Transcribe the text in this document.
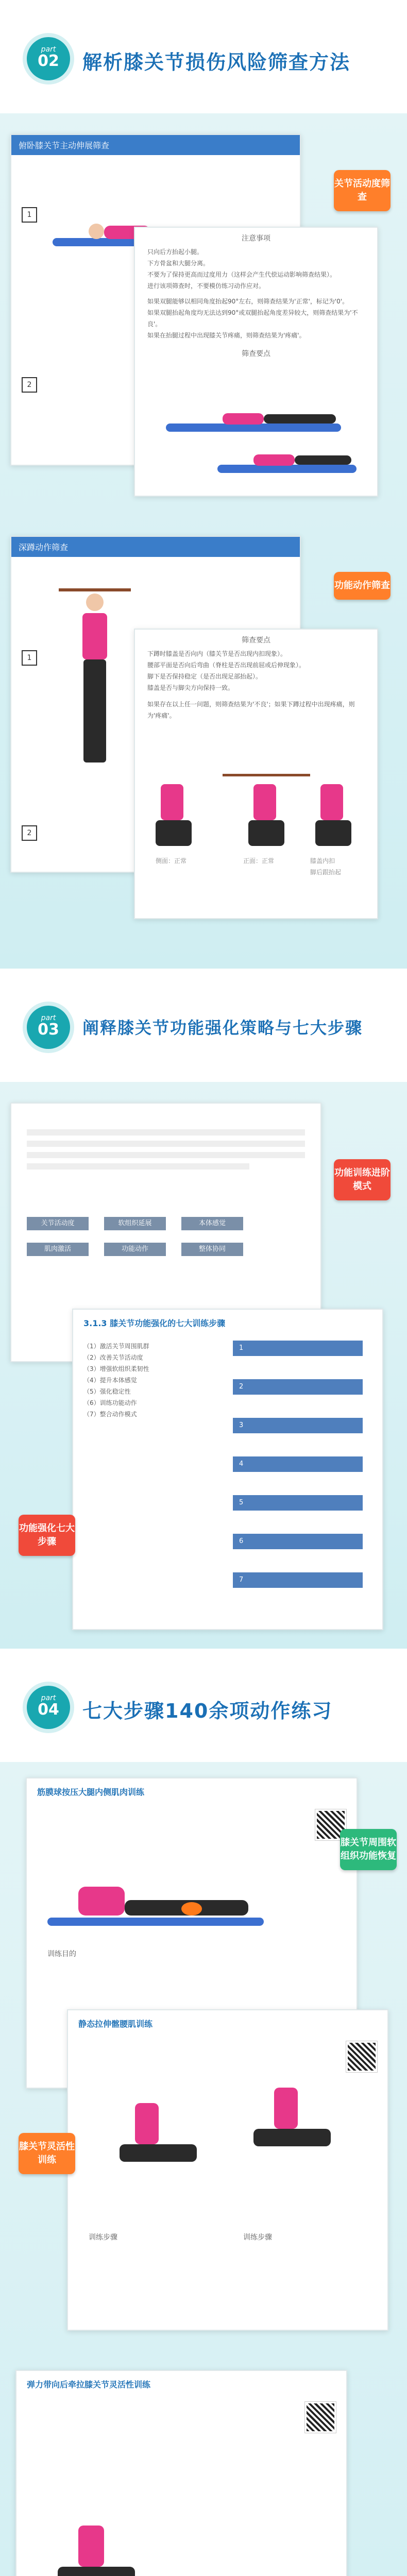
part
02	解析膝关节损伤风险筛查方法
俯卧膝关节主动伸展筛查
1
2
关节活动度筛查
注意事项
只向后方抬起小腿。
下方骨盆和大腿分离。
不要为了保持更高而过度用力（这样会产生代偿运动影响筛查结果）。
进行该项筛查时，不要模仿练习动作应对。
如果双腿能够以相同角度抬起90°左右，则筛查结果为'正常'，标记为'0'。
如果双腿抬起角度均无法达到90°或双腿抬起角度差异较大，则筛查结果为'不良'。
如果在抬腿过程中出现膝关节疼痛，则筛查结果为'疼痛'。
筛查要点
深蹲动作筛查
1
2
功能动作筛查
筛查要点
下蹲时膝盖是否向内（膝关节是否出现内扣现象）。
腰部平面是否向后弯曲（脊柱是否出现前屈或后伸现象）。
脚下是否保持稳定（是否出现足部抬起）。
膝盖是否与脚尖方向保持一致。
如果存在以上任一问题，则筛查结果为'不良'；如果下蹲过程中出现疼痛，则为'疼痛'。
侧面：正常	正面：正常	膝盖内扣
脚后跟抬起
part
03	阐释膝关节功能强化策略与七大步骤
关节活动度	软组织延展	本体感觉
肌肉激活	功能动作	整体协同
功能训练进阶模式
3.1.3 膝关节功能强化的七大训练步骤
（1）激活关节周围肌群
（2）改善关节活动度
（3）增强软组织柔韧性
（4）提升本体感觉
（5）强化稳定性
（6）训练功能动作
（7）整合动作模式
1
2
3
4
5
6
7
功能强化七大步骤
part
04	七大步骤140余项动作练习
筋膜球按压大腿内侧肌肉训练
训练目的
膝关节周围软组织功能恢复
静态拉伸髂腰肌训练
训练步骤	训练步骤
膝关节灵活性训练
弹力带向后牵拉膝关节灵活性训练
